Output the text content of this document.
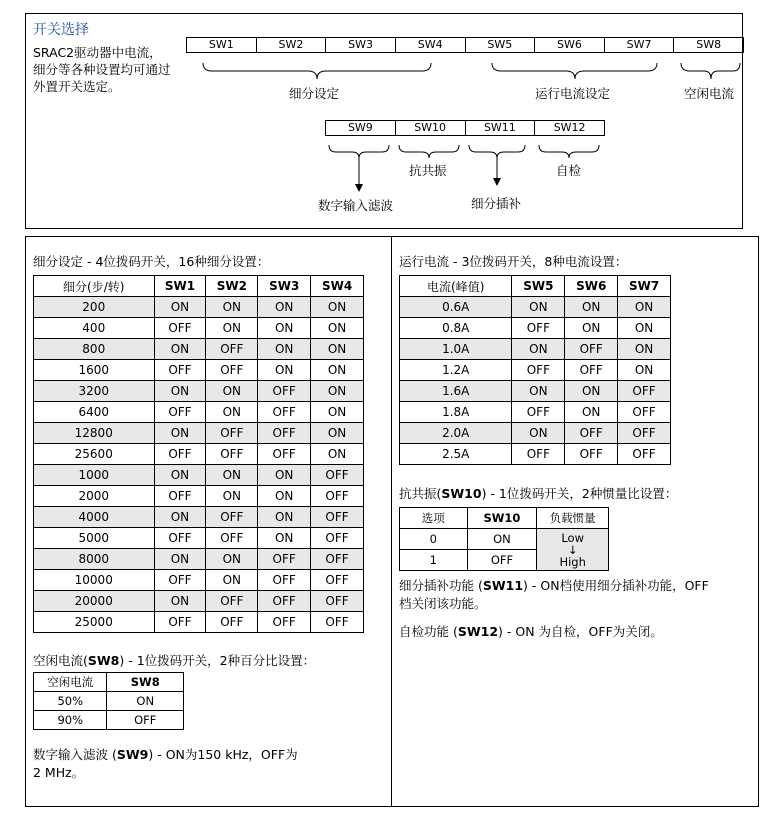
开关选择
SRAC2驱动器中电流，细分等各种设置均可通过外置开关选定。
SW1	SW2	SW3	SW4	SW5	SW6	SW7	SW8
SW9	SW10	SW11	SW12
细分设定	运行电流设定	空闲电流
抗共振	自检
数字输入滤波	细分插补
细分设定 - 4位拨码开关，16种细分设置：
细分(步/转)	SW1	SW2	SW3	SW4
200	ON	ON	ON	ON
400	OFF	ON	ON	ON
800	ON	OFF	ON	ON
1600	OFF	OFF	ON	ON
3200	ON	ON	OFF	ON
6400	OFF	ON	OFF	ON
12800	ON	OFF	OFF	ON
25600	OFF	OFF	OFF	ON
1000	ON	ON	ON	OFF
2000	OFF	ON	ON	OFF
4000	ON	OFF	ON	OFF
5000	OFF	OFF	ON	OFF
8000	ON	ON	OFF	OFF
10000	OFF	ON	OFF	OFF
20000	ON	OFF	OFF	OFF
25000	OFF	OFF	OFF	OFF
空闲电流(SW8) - 1位拨码开关，2种百分比设置：
空闲电流	SW8
50%	ON
90%	OFF
数字输入滤波 (SW9) - ON为150 kHz，OFF为
2 MHz。
运行电流 - 3位拨码开关，8种电流设置：
电流(峰值)	SW5	SW6	SW7
0.6A	ON	ON	ON
0.8A	OFF	ON	ON
1.0A	ON	OFF	ON
1.2A	OFF	OFF	ON
1.6A	ON	ON	OFF
1.8A	OFF	ON	OFF
2.0A	ON	OFF	OFF
2.5A	OFF	OFF	OFF
抗共振(SW10) - 1位拨码开关，2种惯量比设置：
选项	SW10	负载惯量
0	ON	Low
↓
High
1	OFF	
细分插补功能 (SW11) - ON档使用细分插补功能，OFF
档关闭该功能。
自检功能 (SW12) - ON 为自检，OFF为关闭。
